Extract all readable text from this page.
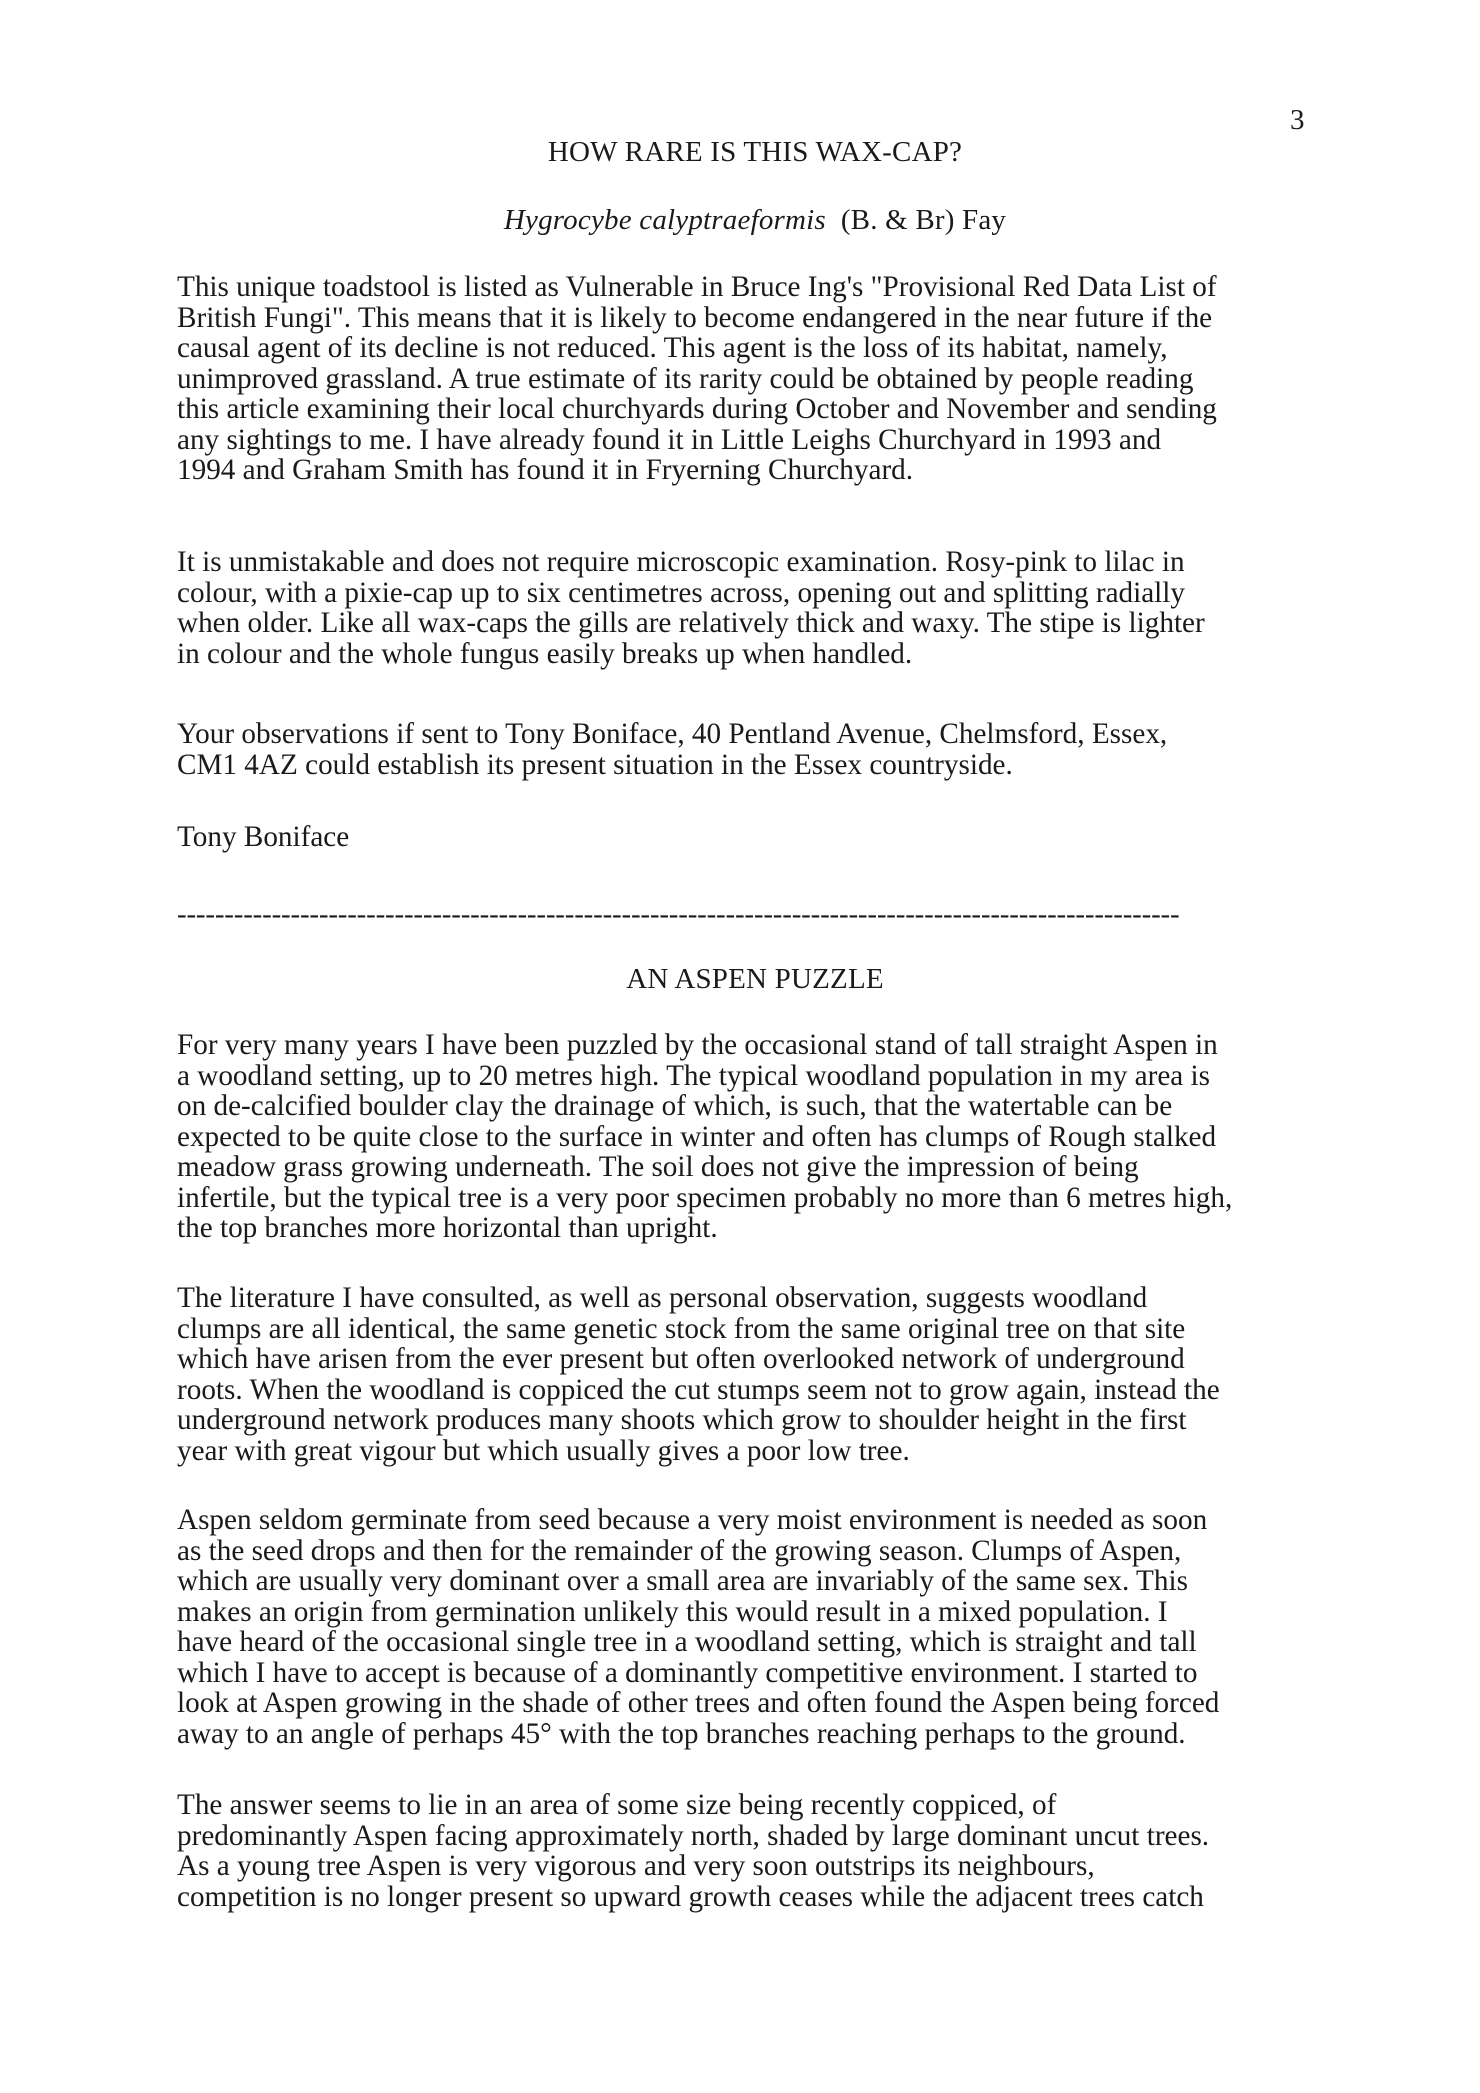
3
HOW RARE IS THIS WAX-CAP?
Hygrocybe calyptraeformis (B. & Br) Fay
This unique toadstool is listed as Vulnerable in Bruce Ing's "Provisional Red Data List of
British Fungi". This means that it is likely to become endangered in the near future if the
causal agent of its decline is not reduced. This agent is the loss of its habitat, namely,
unimproved grassland. A true estimate of its rarity could be obtained by people reading
this article examining their local churchyards during October and November and sending
any sightings to me. I have already found it in Little Leighs Churchyard in 1993 and
1994 and Graham Smith has found it in Fryerning Churchyard.
It is unmistakable and does not require microscopic examination. Rosy-pink to lilac in
colour, with a pixie-cap up to six centimetres across, opening out and splitting radially
when older. Like all wax-caps the gills are relatively thick and waxy. The stipe is lighter
in colour and the whole fungus easily breaks up when handled.
Your observations if sent to Tony Boniface, 40 Pentland Avenue, Chelmsford, Essex,
CM1 4AZ could establish its present situation in the Essex countryside.
Tony Boniface
----------------------------------------------------------------------------------------------------------
AN ASPEN PUZZLE
For very many years I have been puzzled by the occasional stand of tall straight Aspen in
a woodland setting, up to 20 metres high. The typical woodland population in my area is
on de-calcified boulder clay the drainage of which, is such, that the watertable can be
expected to be quite close to the surface in winter and often has clumps of Rough stalked
meadow grass growing underneath. The soil does not give the impression of being
infertile, but the typical tree is a very poor specimen probably no more than 6 metres high,
the top branches more horizontal than upright.
The literature I have consulted, as well as personal observation, suggests woodland
clumps are all identical, the same genetic stock from the same original tree on that site
which have arisen from the ever present but often overlooked network of underground
roots. When the woodland is coppiced the cut stumps seem not to grow again, instead the
underground network produces many shoots which grow to shoulder height in the first
year with great vigour but which usually gives a poor low tree.
Aspen seldom germinate from seed because a very moist environment is needed as soon
as the seed drops and then for the remainder of the growing season. Clumps of Aspen,
which are usually very dominant over a small area are invariably of the same sex. This
makes an origin from germination unlikely this would result in a mixed population. I
have heard of the occasional single tree in a woodland setting, which is straight and tall
which I have to accept is because of a dominantly competitive environment. I started to
look at Aspen growing in the shade of other trees and often found the Aspen being forced
away to an angle of perhaps 45° with the top branches reaching perhaps to the ground.
The answer seems to lie in an area of some size being recently coppiced, of
predominantly Aspen facing approximately north, shaded by large dominant uncut trees.
As a young tree Aspen is very vigorous and very soon outstrips its neighbours,
competition is no longer present so upward growth ceases while the adjacent trees catch
